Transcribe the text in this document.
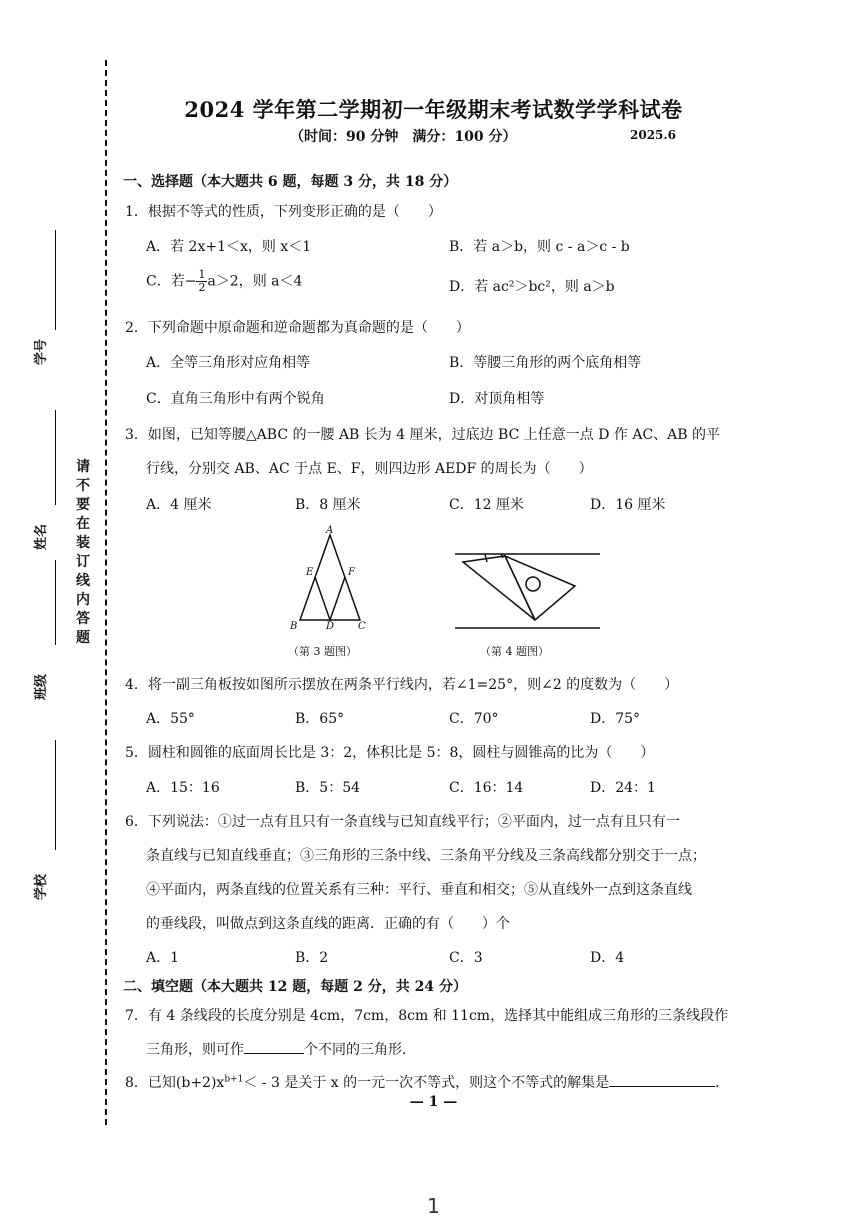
请
不
要
在
装
订
线
内
答
题
学号
姓名
班级
学校
2024 学年第二学期初一年级期末考试数学学科试卷
（时间：90 分钟　满分：100 分）	2025.6
一、选择题（本大题共 6 题，每题 3 分，共 18 分）
1．根据不等式的性质，下列变形正确的是（　　）
A．若 2x+1＜x，则 x＜1	B．若 a＞b，则 c - a＞c - b
C．若− $\frac{1}{2} a>2$，则 a＜4	D．若 ac²＞bc²，则 a＞b
2．下列命题中原命题和逆命题都为真命题的是（　　）
A．全等三角形对应角相等	B．等腰三角形的两个底角相等
C．直角三角形中有两个锐角	D．对顶角相等
3．如图，已知等腰△ABC 的一腰 AB 长为 4 厘米，过底边 BC 上任意一点 D 作 AC、AB 的平
行线，分别交 AB、AC 于点 E、F，则四边形 AEDF 的周长为（　　）
A．4 厘米	B．8 厘米	C．12 厘米	D．16 厘米
A
B	C
D
E	F
（第 3 题图）	（第 4 题图）
4．将一副三角板按如图所示摆放在两条平行线内，若∠1=25°，则∠2 的度数为（　　）
A．55°	B．65°	C．70°	D．75°
5．圆柱和圆锥的底面周长比是 3：2，体积比是 5：8，圆柱与圆锥高的比为（　　）
A．15：16	B．5：54	C．16：14	D．24：1
6．下列说法：①过一点有且只有一条直线与已知直线平行；②平面内，过一点有且只有一
条直线与已知直线垂直；③三角形的三条中线、三条角平分线及三条高线都分别交于一点；
④平面内，两条直线的位置关系有三种：平行、垂直和相交；⑤从直线外一点到这条直线
的垂线段，叫做点到这条直线的距离．正确的有（　　）个
A．1	B．2	C．3	D．4
二、填空题（本大题共 12 题，每题 2 分，共 24 分）
7．有 4 条线段的长度分别是 4cm，7cm，8cm 和 11cm，选择其中能组成三角形的三条线段作
三角形，则可作	个不同的三角形．
8．已知$(b+2)x^{b+1}< - 3$ 是关于 x 的一元一次不等式，则这个不等式的解集是	．
— 1 —
1
